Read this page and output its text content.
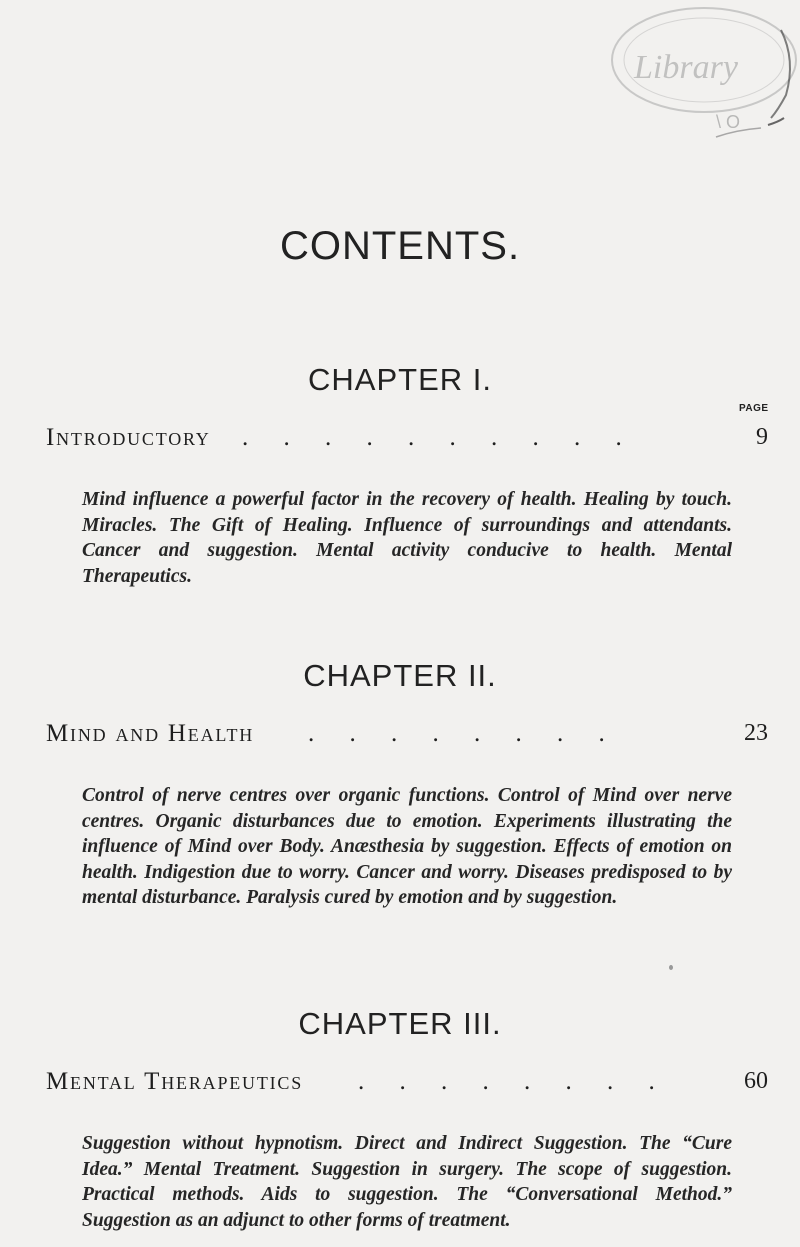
Library
\ O
CONTENTS.
CHAPTER I.
PAGE
Introductory . . . . . . . . . .	9
Mind influence a powerful factor in the recovery of health. Healing by touch. Miracles. The Gift of Healing. Influence of surroundings and attendants. Cancer and suggestion. Mental activity conducive to health. Mental Therapeutics.
CHAPTER II.
Mind and Health . . . . . . . .	23
Control of nerve centres over organic functions. Control of Mind over nerve centres. Organic disturbances due to emotion. Experiments illustrating the influence of Mind over Body. Anæsthesia by suggestion. Effects of emotion on health. Indigestion due to worry. Cancer and worry. Diseases predisposed to by mental disturbance. Paralysis cured by emotion and by suggestion.
CHAPTER III.
Mental Therapeutics . . . . . . . .	60
Suggestion without hypnotism. Direct and Indirect Suggestion. The “Cure Idea.” Mental Treatment. Suggestion in surgery. The scope of suggestion. Practical methods. Aids to suggestion. The “Conversational Method.” Suggestion as an adjunct to other forms of treatment.
